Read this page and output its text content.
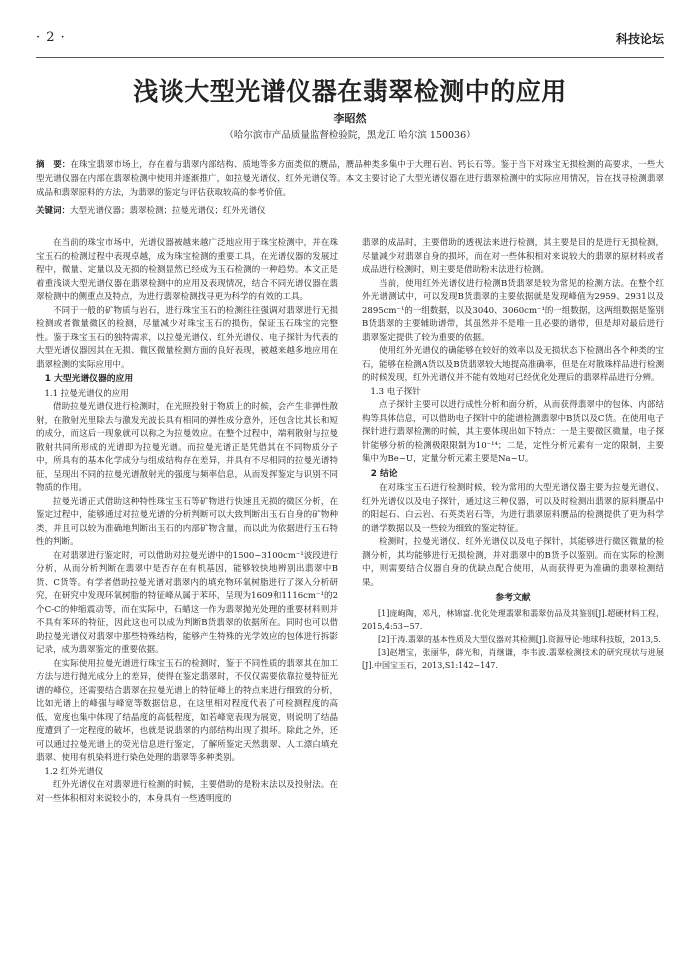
· 2 ·	科技论坛
浅谈大型光谱仪器在翡翠检测中的应用
李昭然
（哈尔滨市产品质量监督检验院，黑龙江 哈尔滨 150036）
摘　要：在珠宝翡翠市场上，存在着与翡翠内部结构、质地等多方面类似的赝品，赝品种类多集中于大理石岩、钙长石等。鉴于当下对珠宝无损检测的高要求，一些大型光谱仪器在内部在翡翠检测中使用并逐渐推广，如拉曼光谱仪、红外光谱仪等。本文主要讨论了大型光谱仪器在进行翡翠检测中的实际应用情况，旨在找寻检测翡翠成品和翡翠原料的方法，为翡翠的鉴定与评估获取较高的参考价值。
关键词：大型光谱仪器；翡翠检测；拉曼光谱仪；红外光谱仪

在当前的珠宝市场中，光谱仪器被越来越广泛地应用于珠宝检测中，并在珠宝玉石的检测过程中表现卓越，成为珠宝检测的重要工具，在光谱仪器的发展过程中，微量、定量以及无损的检测显然已经成为玉石检测的一种趋势。本文正是着重浅谈大型光谱仪器在翡翠检测中的应用及表现情况，结合不同光谱仪器在翡翠检测中的侧重点及特点，为进行翡翠检测找寻更为科学的有效的工具。

不同于一般的矿物质与岩石，进行珠宝玉石的检测往往强调对翡翠进行无损检测或者微量微区的检测，尽量减少对珠宝玉石的损伤，保证玉石珠宝的完整性。鉴于珠宝玉石的独特需求，以拉曼光谱仪、红外光谱仪、电子探针为代表的大型光谱仪器因其在无损、微区微量检测方面的良好表现，被越来越多地应用在翡翠检测的实际应用中。

1 大型光谱仪器的应用
1.1 拉曼光谱仪的应用

借助拉曼光谱仪进行检测时，在光照投射于物质上的时候，会产生非弹性散射，在散射光里除去与激发光波长具有相同的弹性成分意外，还包含比其长和短的成分，而这后一现象就可以称之为拉曼效应。在整个过程中，端利散射与拉曼散射共同所形成的光谱即为拉曼光谱。而拉曼光谱正是凭借其在不同物质分子中，所具有的基本化学成分与组成结构存在差异，并具有不尽相同的拉曼光谱特征，呈现出不同的拉曼光谱散射光的强度与频率信息，从而发挥鉴定与识别不同物质的作用。

拉曼光谱正式借助这种特性珠宝玉石等矿物进行快速且无损的微区分析，在鉴定过程中，能够通过对拉曼光谱的分析判断可以大致判断出玉石自身的矿物种类，并且可以较为准确地判断出玉石的内部矿物含量，而以此为依据进行玉石特性的判断。

在对翡翠进行鉴定时，可以借助对拉曼光谱中的1500~3100cm⁻¹波段进行分析，从而分析判断在翡翠中是否存在有机基因，能够较快地辨别出翡翠中B货、C货等。有学者借助拉曼光谱对翡翠内的填充物环氧树脂进行了深入分析研究，在研究中发现环氧树脂的特征峰从属于苯环，呈现为1609和1116cm⁻¹的2个C-C的伸缩震动等，而在实际中，石蜡这一作为翡翠抛光处理的重要材料则并不具有苯环的特征，因此这也可以成为判断B货翡翠的依据所在。同时也可以借助拉曼光谱仪对翡翠中那些特殊结构，能够产生特殊的光学效应的包体进行拆影记录，成为翡翠鉴定的重要依据。

在实际使用拉曼光谱进行珠宝玉石的检测时，鉴于不同性质的翡翠其在加工方法与进行抛光成分上的差异，使得在鉴定翡翠时，不仅仅需要依靠拉曼特征光谱的峰位，还需要结合翡翠在拉曼光谱上的特征峰上的特点来进行细致的分析，比如光谱上的峰强与峰宽等数据信息，在这里相对程度代表了可检测程度的高低，宽度也集中体现了结晶度的高低程度，如若峰宽表现为展宽，则说明了结晶度遭到了一定程度的破坏，也就是说翡翠的内部结构出现了损坏。除此之外，还可以通过拉曼光谱上的荧光信息进行鉴定，了解所鉴定天然翡翠、人工漂白填充翡翠、使用有机染料进行染色处理的翡翠等多种类别。

1.2 红外光谱仪

红外光谱仪在对翡翠进行检测的时候，主要借助的是粉末法以及投射法。在对一些体积相对来说较小的，本身具有一些透明度的

翡翠的成品时，主要借助的透视法来进行检测，其主要是目的是进行无损检测，尽量减少对翡翠自身的损坏，而在对一些体积相对来说较大的翡翠的原材料或者成品进行检测时，则主要是借助粉末法进行检测。

当前，使用红外光谱仪进行检测B货翡翠是较为常见的检测方法。在整个红外光谱测试中，可以发现B货翡翠的主要依据就是发现峰值为2959、2931以及2895cm⁻¹的一组数据，以及3040、3060cm⁻¹的一组数据，这两组数据是鉴别B货翡翠的主要辅助谱带，其虽然并不是唯一且必要的谱带，但是却对最后进行翡翠鉴定提供了较为重要的依据。

使用红外光谱仪的确能够在较好的效率以及无损状态下检测出各个种类的宝石，能够在检测A货以及B货翡翠较大地提高准确率，但是在对散珠样品进行检测的时候发现，红外光谱仪并不能有效地对已经优化处理后的翡翠样品进行分辨。

1.3 电子探针

点子探针主要可以进行成性分析和面分析，从而获得翡翠中的包体、内部结构等具体信息，可以借助电子探针中的能谱检测翡翠中B货以及C货。在使用电子探针进行翡翠检测的时候，其主要体现出如下特点：一是主要微区微量，电子探针能够分析的检测极限限制为10⁻¹⁴；二是，定性分析元素有一定的限制，主要集中为Be~U，定量分析元素主要是Na~U。

2 结论

在对珠宝玉石进行检测时候，较为常用的大型光谱仪器主要为拉曼光谱仪、红外光谱仪以及电子探针，通过这三种仪器，可以及时检测出翡翠的原料赝品中的阳起石、白云岩、石英类岩石等，为进行翡翠原料赝品的检测提供了更为科学的谱学数据以及一些较为细致的鉴定特征。

检测时，拉曼光谱仪、红外光谱仪以及电子探针，其能够进行微区微量的检测分析，其均能够进行无损检测，并对翡翠中的B货予以鉴别。而在实际的检测中，则需要结合仪器自身的优缺点配合使用，从而获得更为准确的翡翠检测结果。

参考文献

[1]庞岣陶，邓凡，林锦富.优化处理翡翠和翡翠仿品及其鉴别[J].超硬材料工程，2015,4:53−57.

[2]于涛.翡翠的基本性质及大型仪器对其检测[J].资源导论·地球科技版，2013,5.

[3]赵增宝，张丽华，薛光和，肖继谦，李韦波.翡翠检测技术的研究现状与进展[J].中国宝玉石，2013,S1:142−147.
